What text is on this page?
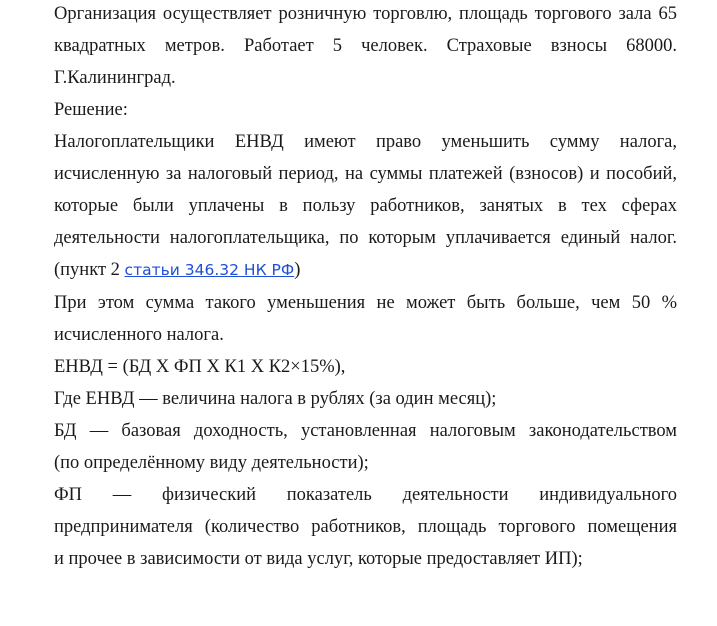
Организация осуществляет розничную торговлю, площадь торгового зала 65
квадратных метров. Работает 5 человек. Страховые взносы 68000.
Г.Калининград.
Решение:
Налогоплательщики ЕНВД имеют право уменьшить сумму налога,
исчисленную за налоговый период, на суммы платежей (взносов) и пособий,
которые были уплачены в пользу работников, занятых в тех сферах
деятельности налогоплательщика, по которым уплачивается единый налог.
(пункт 2 статьи 346.32 НК РФ)
При этом сумма такого уменьшения не может быть больше, чем 50 %
исчисленного налога.
ЕНВД = (БД Х ФП Х К1 Х К2×15%),
Где ЕНВД — величина налога в рублях (за один месяц);
БД — базовая доходность, установленная налоговым законодательством
(по определённому виду деятельности);
ФП — физический показатель деятельности индивидуального
предпринимателя (количество работников, площадь торгового помещения
и прочее в зависимости от вида услуг, которые предоставляет ИП);
